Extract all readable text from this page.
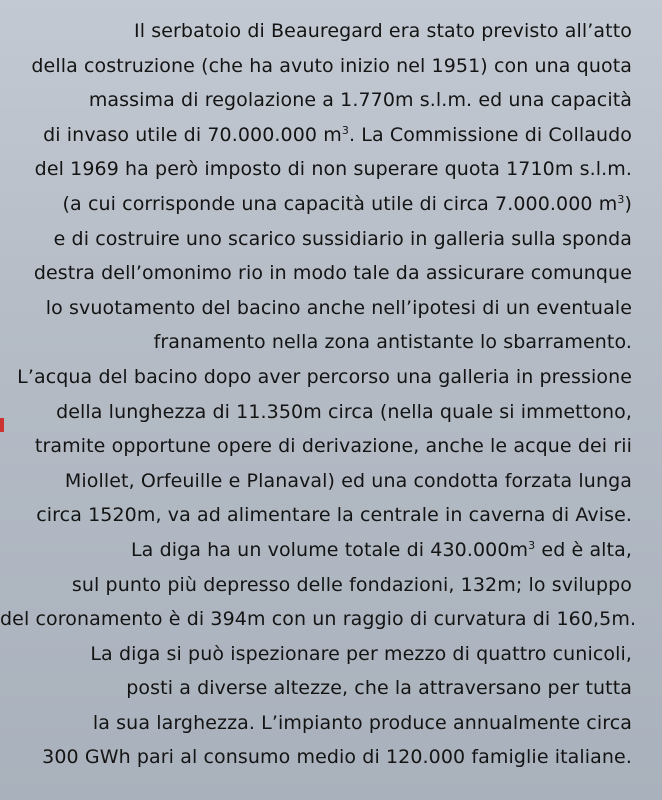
Il serbatoio di Beauregard era stato previsto all’atto
della costruzione (che ha avuto inizio nel 1951) con una quota
massima di regolazione a 1.770m s.l.m. ed una capacità
di invaso utile di 70.000.000 $m^3$. La Commissione di Collaudo
del 1969 ha però imposto di non superare quota 1710m s.l.m.
(a cui corrisponde una capacità utile di circa 7.000.000 $m^3$)
e di costruire uno scarico sussidiario in galleria sulla sponda
destra dell’omonimo rio in modo tale da assicurare comunque
lo svuotamento del bacino anche nell’ipotesi di un eventuale
franamento nella zona antistante lo sbarramento.
L’acqua del bacino dopo aver percorso una galleria in pressione
della lunghezza di 11.350m circa (nella quale si immettono,
tramite opportune opere di derivazione, anche le acque dei rii
Miollet, Orfeuille e Planaval) ed una condotta forzata lunga
circa 1520m, va ad alimentare la centrale in caverna di Avise.
La diga ha un volume totale di $430.000m^3$ ed è alta,
sul punto più depresso delle fondazioni, 132m; lo sviluppo
del coronamento è di 394m con un raggio di curvatura di 160,5m.
La diga si può ispezionare per mezzo di quattro cunicoli,
posti a diverse altezze, che la attraversano per tutta
la sua larghezza. L’impianto produce annualmente circa
300 GWh pari al consumo medio di 120.000 famiglie italiane.
